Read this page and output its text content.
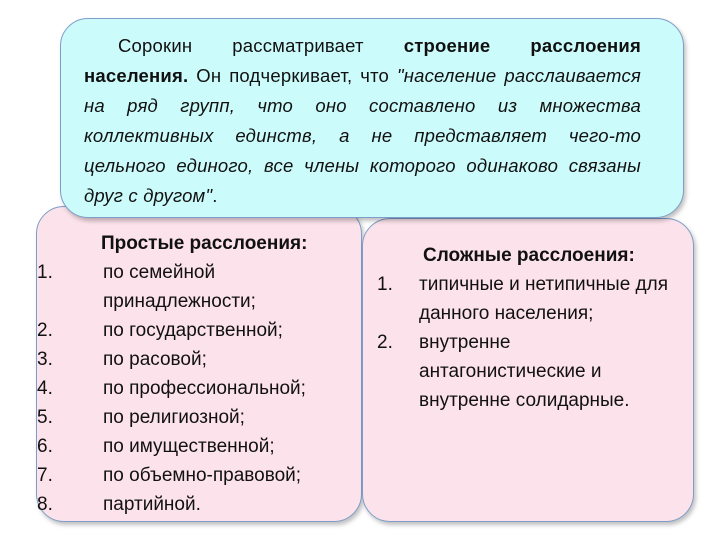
Сорокин рассматривает строение расслоения населения. Он подчеркивает, что "население расслаивается на ряд групп, что оно составлено из множества коллективных единств, а не представляет чего-то цельного единого, все члены которого одинаково связаны друг с другом".

Простые расслоения:
1.	по семейной принадлежности;
2.	по государственной;
3.	по расовой;
4.	по профессиональной;
5.	по религиозной;
6.	по имущественной;
7.	по объемно-правовой;
8.	партийной.
Сложные расслоения:
1.	типичные и нетипичные для данного населения;
2.	внутренне антагонистические и внутренне солидарные.
